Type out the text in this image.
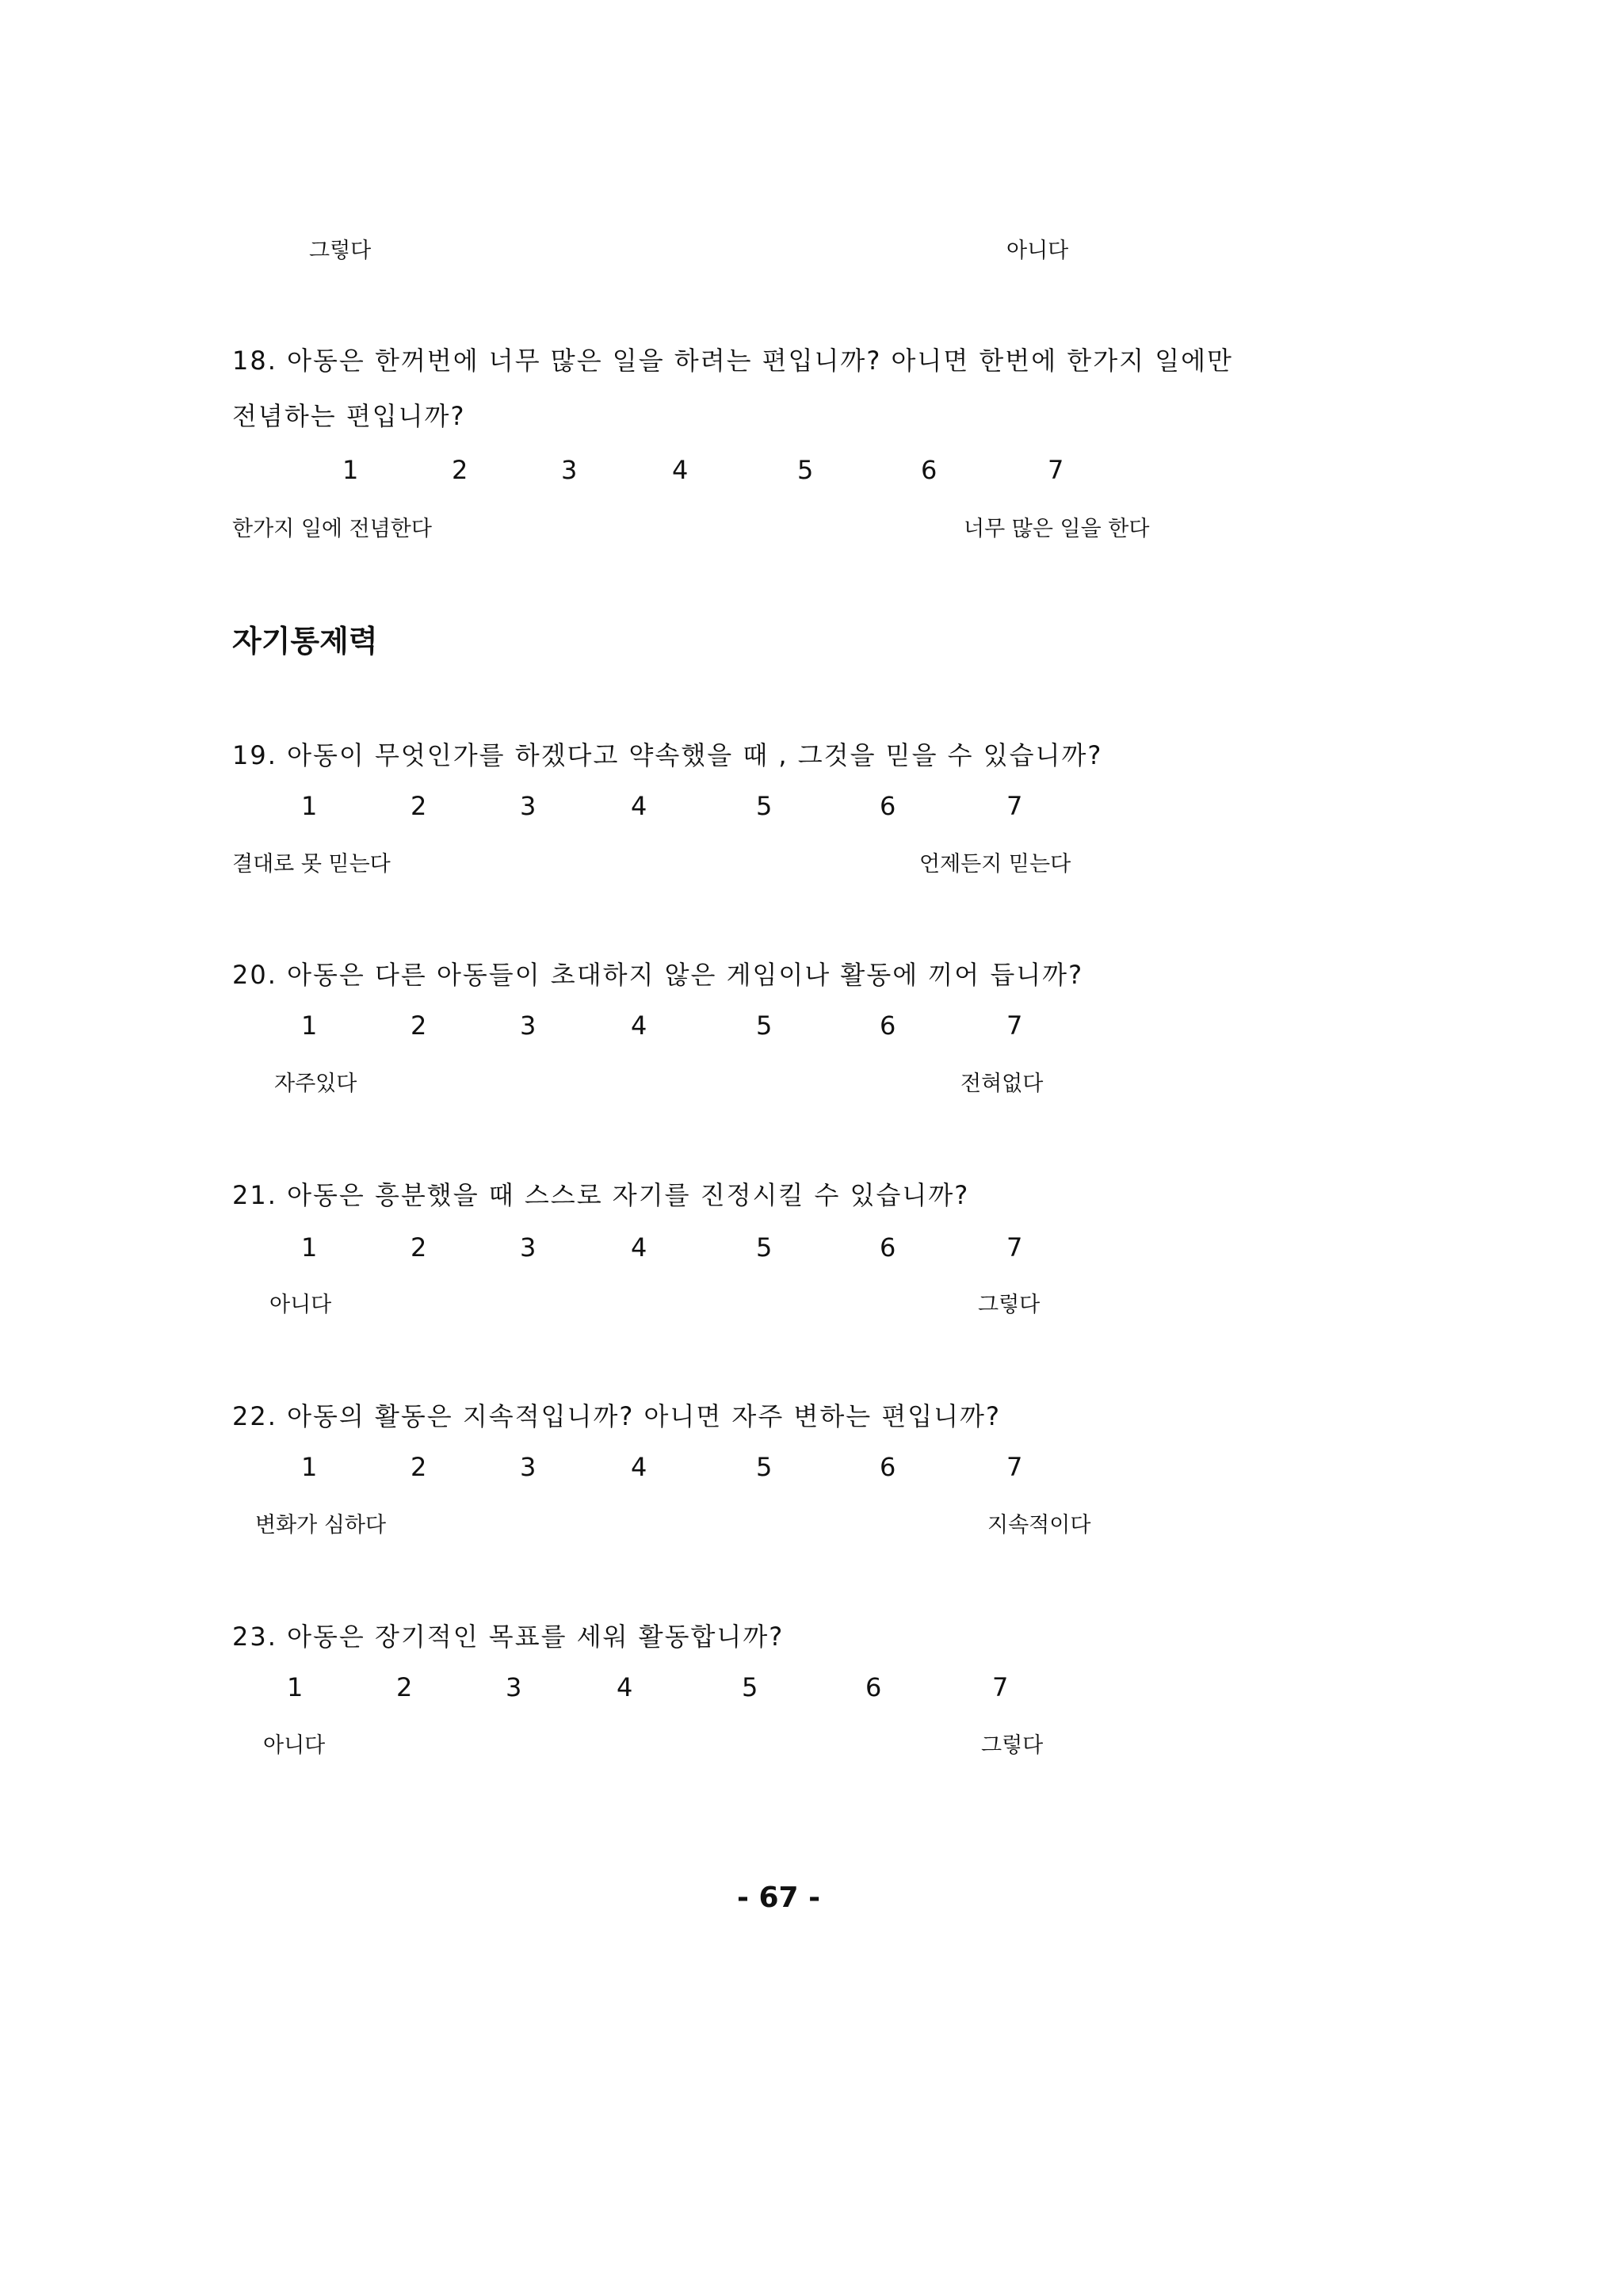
그렇다	아니다
18. 아동은 한꺼번에 너무 많은 일을 하려는 편입니까? 아니면 한번에 한가지 일에만
전념하는 편입니까?
1	2	3	4	5	6	7
한가지 일에 전념한다	너무 많은 일을 한다
자기통제력
19. 아동이 무엇인가를 하겠다고 약속했을 때 , 그것을 믿을 수 있습니까?
1	2	3	4	5	6	7
결대로 못 믿는다	언제든지 믿는다
20. 아동은 다른 아동들이 초대하지 않은 게임이나 활동에 끼어 듭니까?
1	2	3	4	5	6	7
자주있다	전혀없다
21. 아동은 흥분했을 때 스스로 자기를 진정시킬 수 있습니까?
1	2	3	4	5	6	7
아니다	그렇다
22. 아동의 활동은 지속적입니까? 아니면 자주 변하는 편입니까?
1	2	3	4	5	6	7
변화가 심하다	지속적이다
23. 아동은 장기적인 목표를 세워 활동합니까?
1	2	3	4	5	6	7
아니다	그렇다
- 67 -
